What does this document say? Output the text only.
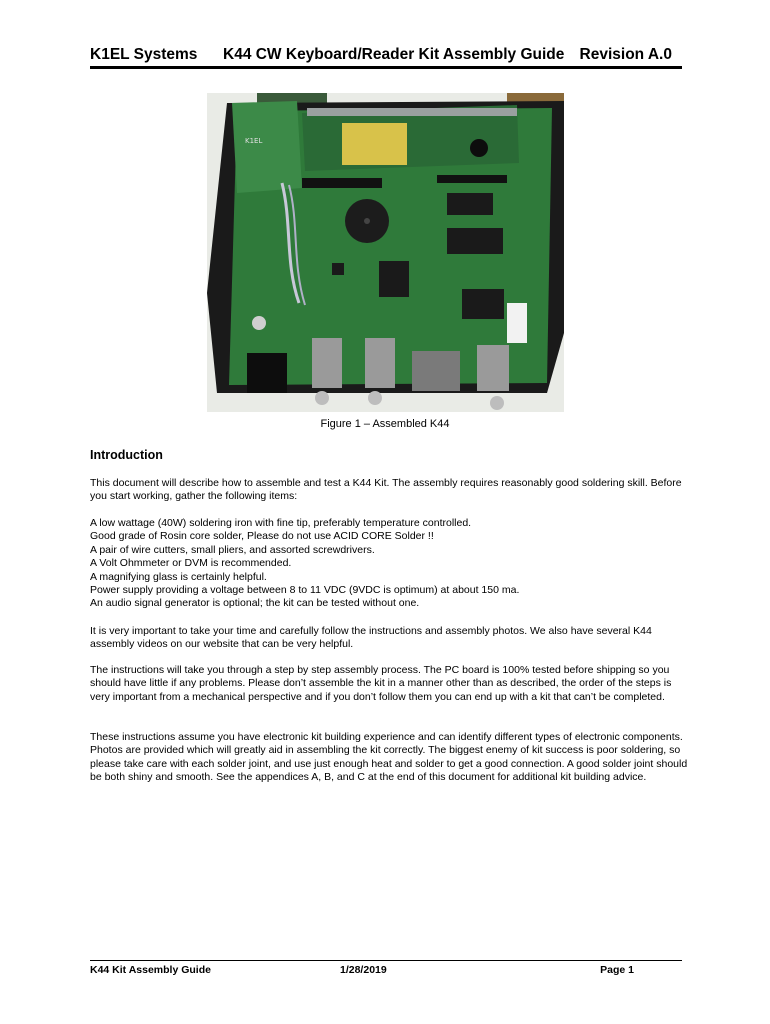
K1EL Systems K44 CW Keyboard/Reader Kit Assembly Guide Revision A.0
K1EL
Figure 1 – Assembled K44
Introduction

This document will describe how to assemble and test a K44 Kit. The assembly requires reasonably good soldering skill. Before you start working, gather the following items:

A low wattage (40W) soldering iron with fine tip, preferably temperature controlled.
Good grade of Rosin core solder, Please do not use ACID CORE Solder !!
A pair of wire cutters, small pliers, and assorted screwdrivers.
A Volt Ohmmeter or DVM is recommended.
A magnifying glass is certainly helpful.
Power supply providing a voltage between 8 to 11 VDC (9VDC is optimum) at about 150 ma.
An audio signal generator is optional; the kit can be tested without one.

It is very important to take your time and carefully follow the instructions and assembly photos. We also have several K44 assembly videos on our website that can be very helpful.

The instructions will take you through a step by step assembly process. The PC board is 100% tested before shipping so you should have little if any problems. Please don’t assemble the kit in a manner other than as described, the order of the steps is very important from a mechanical perspective and if you don’t follow them you can end up with a kit that can’t be completed.

These instructions assume you have electronic kit building experience and can identify different types of electronic components. Photos are provided which will greatly aid in assembling the kit correctly. The biggest enemy of kit success is poor soldering, so please take care with each solder joint, and use just enough heat and solder to get a good connection. A good solder joint should be both shiny and smooth. See the appendices A, B, and C at the end of this document for additional kit building advice.

K44 Kit Assembly Guide	1/28/2019	Page 1
